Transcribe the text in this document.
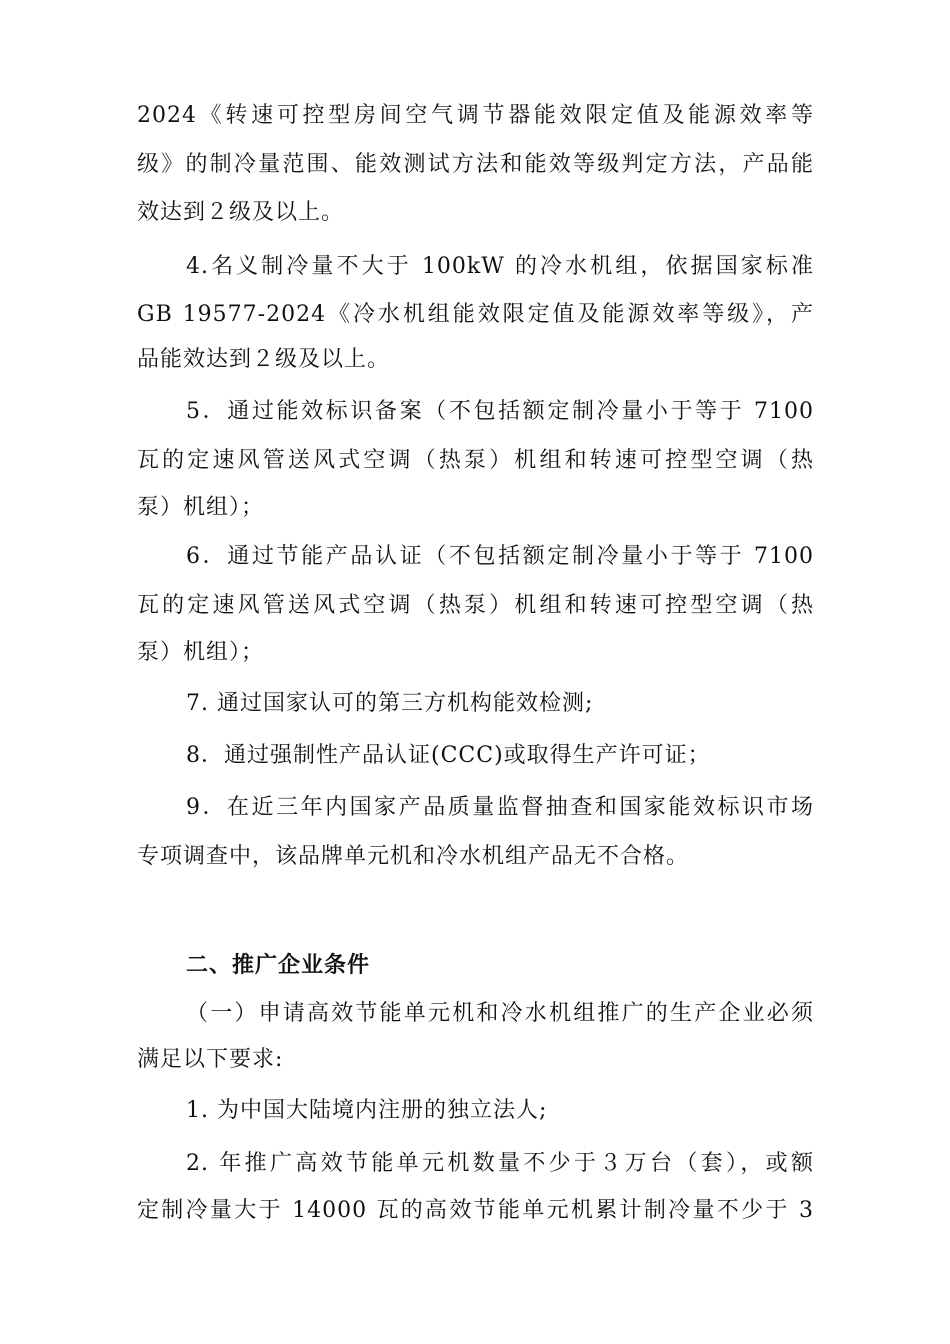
2024《转速可控型房间空气调节器能效限定值及能源效率等
级》的制冷量范围、能效测试方法和能效等级判定方法，产品能
效达到２级及以上。
4.名义制冷量不大于 100kW 的冷水机组，依据国家标准
GB 19577-2024《冷水机组能效限定值及能源效率等级》，产
品能效达到２级及以上。
5．通过能效标识备案（不包括额定制冷量小于等于 7100
瓦的定速风管送风式空调（热泵）机组和转速可控型空调（热
泵）机组）；
6．通过节能产品认证（不包括额定制冷量小于等于 7100
瓦的定速风管送风式空调（热泵）机组和转速可控型空调（热
泵）机组）；
7. 通过国家认可的第三方机构能效检测;
8．通过强制性产品认证(CCC)或取得生产许可证；
9．在近三年内国家产品质量监督抽查和国家能效标识市场
专项调查中，该品牌单元机和冷水机组产品无不合格。
二、推广企业条件
（一）申请高效节能单元机和冷水机组推广的生产企业必须
满足以下要求:
1. 为中国大陆境内注册的独立法人;
2. 年推广高效节能单元机数量不少于３万台（套），或额
定制冷量大于 14000 瓦的高效节能单元机累计制冷量不少于 3
